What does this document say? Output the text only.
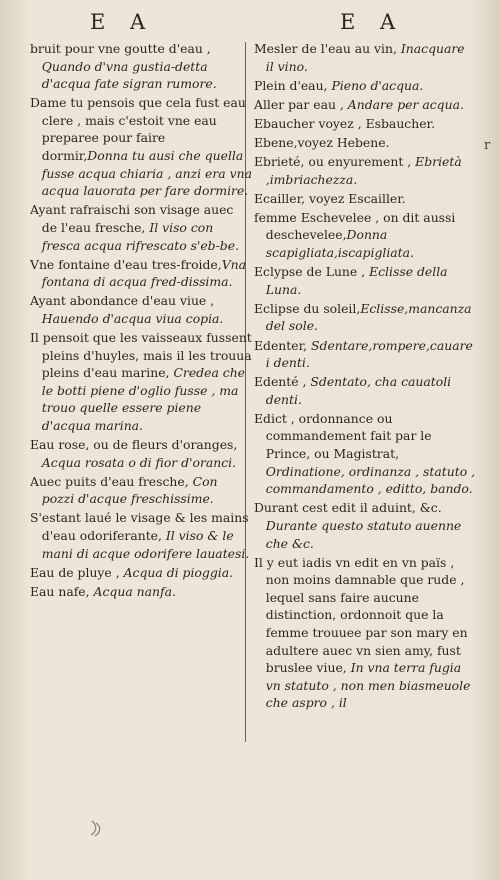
E A	E A

bruit pour vne goutte d'eau , Quando d'vna gustia-detta d'acqua fate sigran rumore.

Dame tu pensois que cela fust eau clere , mais c'estoit vne eau preparee pour faire dormir,Donna tu ausi che quella fusse acqua chiaria , anzi era vna acqua lauorata per fare dormire.

Ayant rafraischi son visage auec de l'eau fresche, Il viso con fresca acqua rifrescato s'eb-be.

Vne fontaine d'eau tres-froide,Vna fontana di acqua fred-dissima.

Ayant abondance d'eau viue , Hauendo d'acqua viua copia.

Il pensoit que les vaisseaux fussent pleins d'huyles, mais il les trouua pleins d'eau marine, Credea che le botti piene d'oglio fusse , ma trouo quelle essere piene d'acqua marina.

Eau rose, ou de fleurs d'oranges, Acqua rosata o di fior d'oranci.

Auec puits d'eau fresche, Con pozzi d'acque freschissime.

S'estant laué le visage & les mains d'eau odoriferante, Il viso & le mani di acque odorifere lauatesi.

Eau de pluye , Acqua di pioggia.

Eau nafe, Acqua nanfa.

Mesler de l'eau au vin, Inacquare il vino.

Plein d'eau, Pieno d'acqua.

Aller par eau , Andare per acqua.

Ebaucher voyez , Esbaucher.

Ebene,voyez Hebene.

Ebrieté, ou enyurement , Ebrietà ,imbriachezza.

Ecailler, voyez Escailler.

femme Eschevelee , on dit aussi deschevelee,Donna scapigliata,iscapigliata.

Eclypse de Lune , Eclisse della Luna.

Eclipse du soleil,Eclisse,mancanza del sole.

Edenter, Sdentare,rompere,cauare i denti.

Edenté , Sdentato, cha cauatoli denti.

Edict , ordonnance ou commandement fait par le Prince, ou Magistrat, Ordinatione, ordinanza , statuto , commandamento , editto, bando.

Durant cest edit il aduint, &c. Durante questo statuto auenne che &c.

Il y eut iadis vn edit en vn païs , non moins damnable que rude , lequel sans faire aucune distinction, ordonnoit que la femme trouuee par son mary en adultere auec vn sien amy, fust bruslee viue, In vna terra fugia vn statuto , non men biasmeuole che aspro , il

r
